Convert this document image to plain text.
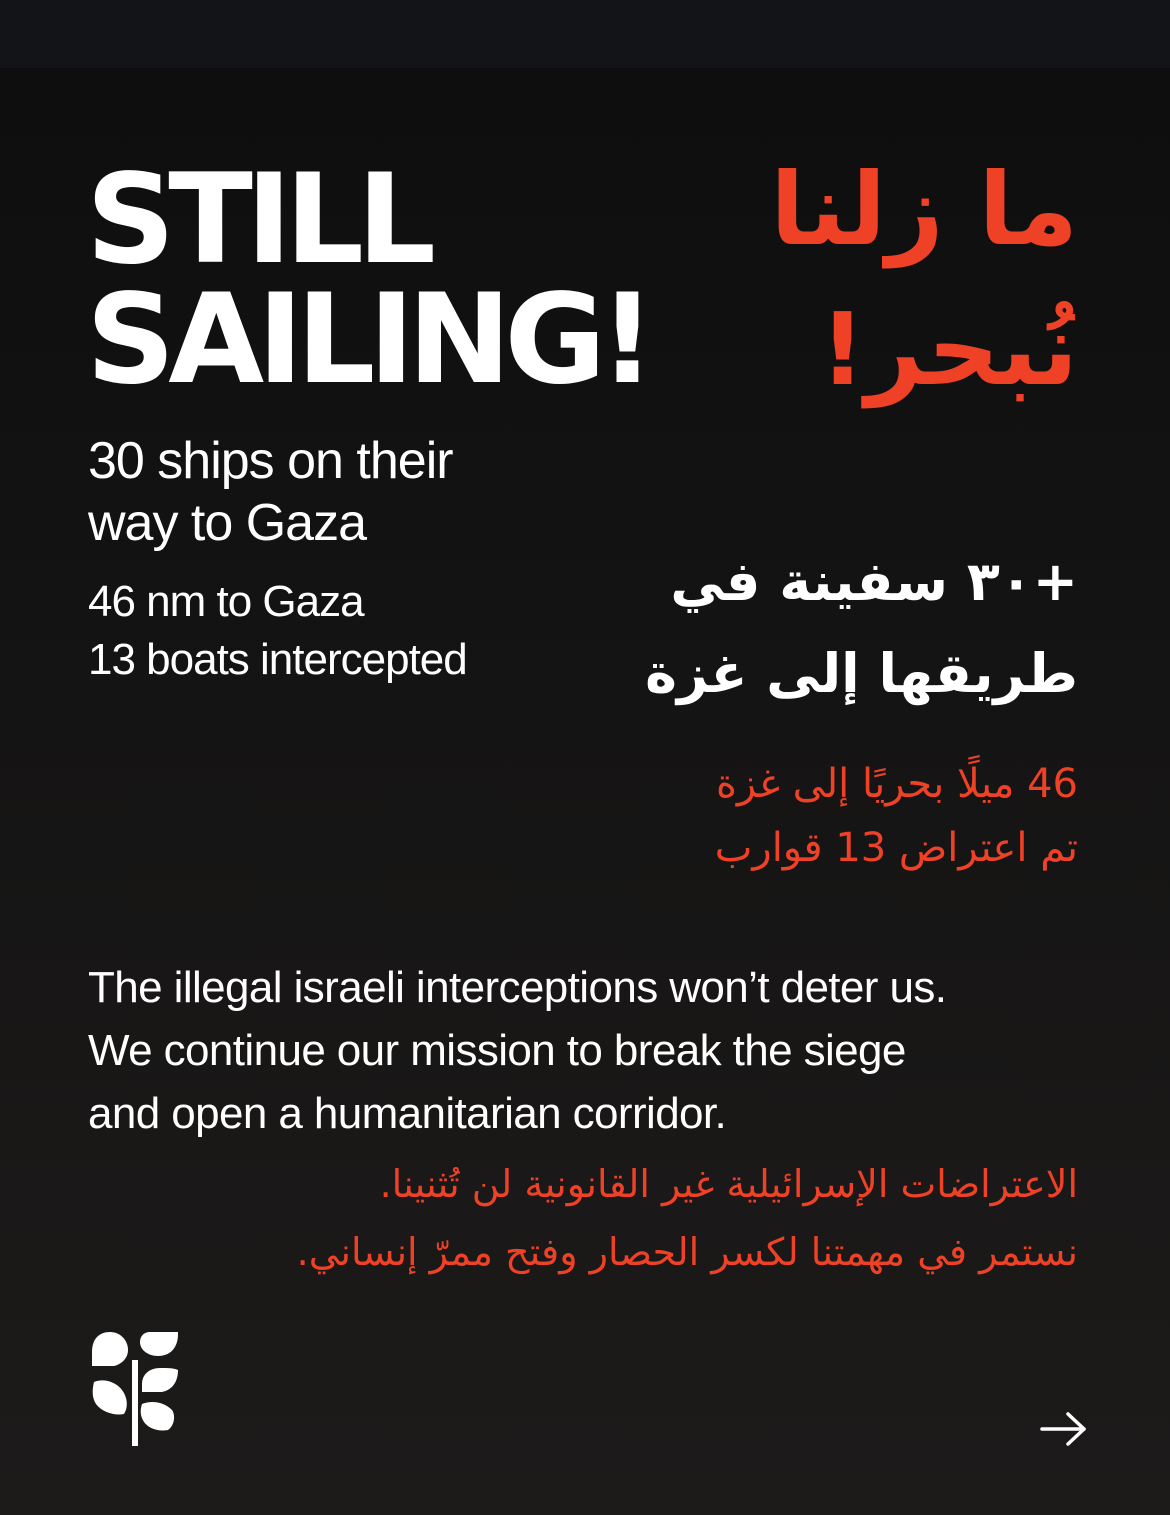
STILL
SAILING!
ما زلنا
نُبحر!
30 ships on their
way to Gaza
46 nm to Gaza
13 boats intercepted
+٣٠ سفينة في
طريقها إلى غزة
46 ميلًا بحريًا إلى غزة
تم اعتراض 13 قوارب
The illegal israeli interceptions won’t deter us.
We continue our mission to break the siege
and open a humanitarian corridor.
الاعتراضات الإسرائيلية غير القانونية لن تُثنينا.
نستمر في مهمتنا لكسر الحصار وفتح ممرّ إنساني.
